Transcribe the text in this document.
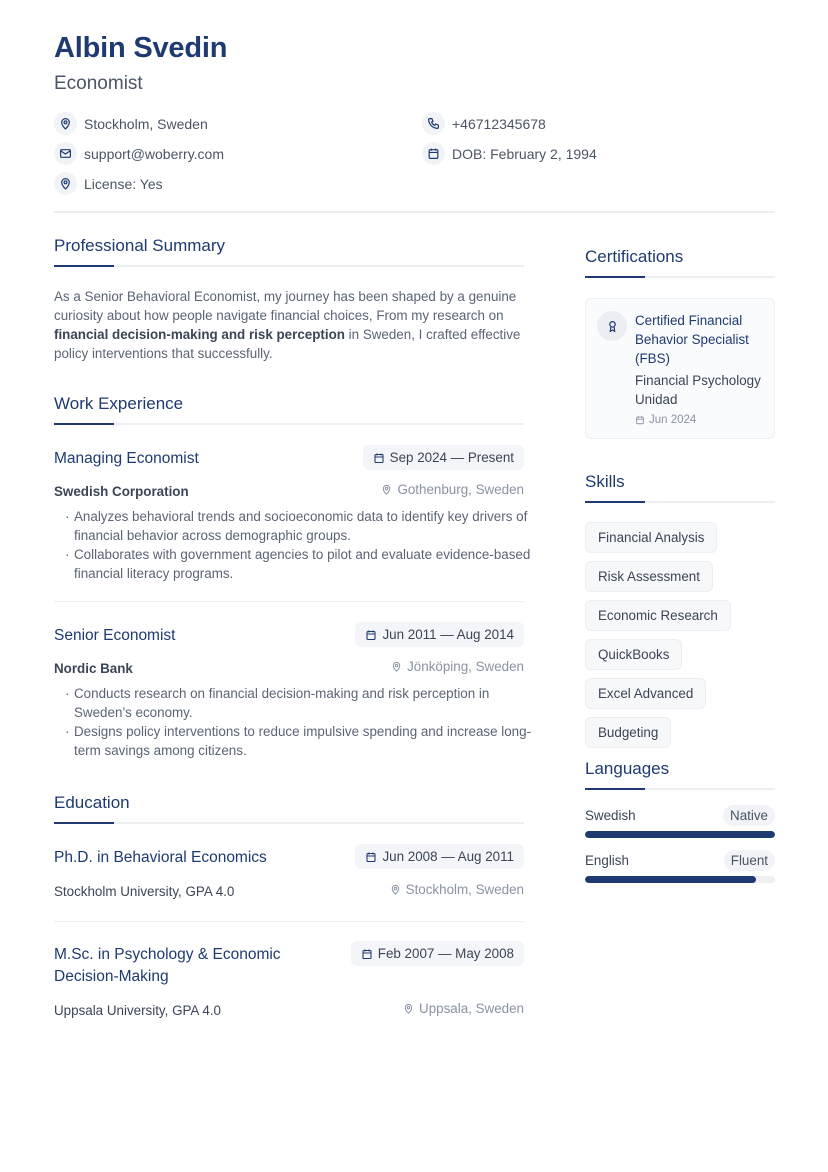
Albin Svedin
Economist
Stockholm, Sweden
support@woberry.com
License: Yes
+46712345678
DOB: February 2, 1994
Professional Summary

As a Senior Behavioral Economist, my journey has been shaped by a genuine curiosity about how people navigate financial choices, From my research on financial decision-making and risk perception in Sweden, I crafted effective policy interventions that successfully.

Work Experience
Managing Economist	Sep 2024 — Present
Swedish Corporation	Gothenburg, Sweden
· Analyzes behavioral trends and socioeconomic data to identify key drivers of financial behavior across demographic groups.
· Collaborates with government agencies to pilot and evaluate evidence-based financial literacy programs.
Senior Economist	Jun 2011 — Aug 2014
Nordic Bank	Jönköping, Sweden
· Conducts research on financial decision-making and risk perception in Sweden’s economy.
· Designs policy interventions to reduce impulsive spending and increase long-term savings among citizens.
Education
Ph.D. in Behavioral Economics	Jun 2008 — Aug 2011
Stockholm University, GPA 4.0	Stockholm, Sweden
M.Sc. in Psychology & Economic
Decision-Making
Feb 2007 — May 2008
Uppsala University, GPA 4.0	Uppsala, Sweden
Certifications
Certified Financial Behavior Specialist (FBS)
Financial Psychology Unidad
Jun 2024
Skills
Financial Analysis
Risk Assessment
Economic Research
QuickBooks
Excel Advanced
Budgeting
Languages
Swedish	Native
English	Fluent
